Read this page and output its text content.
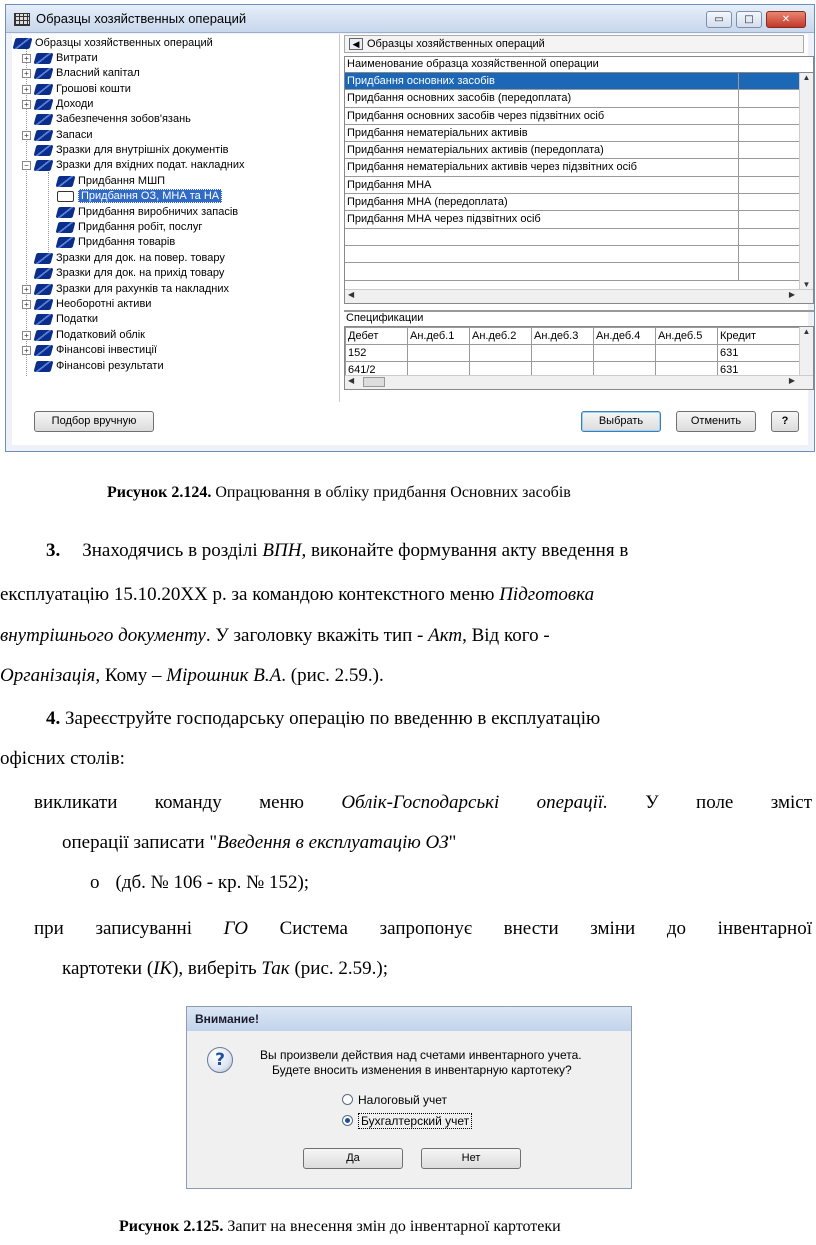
Образцы хозяйственных операций	▭	□	✕
Образцы хозяйственных операций
+ Витрати
+ Власний капітал
+ Грошові кошти
+ Доходи
Забезпечення зобов'язань
+ Запаси
Зразки для внутрішніх документів
− Зразки для вхідних подат. накладних
Придбання МШП
Придбання ОЗ, МНА та НА
Придбання виробничих запасів
Придбання робіт, послуг
Придбання товарів
Зразки для док. на повер. товару
Зразки для док. на прихід товару
+ Зразки для рахунків та накладних
+ Необоротні активи
Податки
+ Податковий облік
+ Фінансові інвестиції
Фінансові результати
◀ Образцы хозяйственных операций
Наименование образца хозяйственной операции
Придбання основних засобів
Придбання основних засобів (передоплата)
Придбання основних засобів через підзвітних осіб
Придбання нематеріальних активів
Придбання нематеріальних активів (передоплата)
Придбання нематеріальних активів через підзвітних осіб
Придбання МНА
Придбання МНА (передоплата)
Придбання МНА через підзвітних осіб
▲
▼
◀	▶
Спецификации
Дебет	Ан.деб.1	Ан.деб.2	Ан.деб.3	Ан.деб.4	Ан.деб.5	Кредит
152						631
641/2						631
▲
◀	▶
Подбор вручную	Выбрать	Отменить	?
Рисунок 2.124. Опрацювання в обліку придбання Основних засобів
3. Знаходячись в розділі ВПН, виконайте формування акту введення в
експлуатацію 15.10.20ХХ р. за командою контекстного меню Підготовка
внутрішнього документу. У заголовку вкажіть тип - Акт, Від кого -
Організація, Кому – Мірошник В.А. (рис. 2.59.).
4. Зареєструйте господарську операцію по введенню в експлуатацію
офісних столів:
викликати команду меню Облік-Господарські операції. У поле зміст
операції записати "Введення в експлуатацію ОЗ"
o (дб. № 106 - кр. № 152);
при записуванні ГО Система запропонує внести зміни до інвентарної
картотеки (ІК), виберіть Так (рис. 2.59.);
Внимание!
?	Вы произвели действия над счетами инвентарного учета.
Будете вносить изменения в инвентарную картотеку?
Налоговый учет
Бухгалтерский учет
Да	Нет
Рисунок 2.125. Запит на внесення змін до інвентарної картотеки
